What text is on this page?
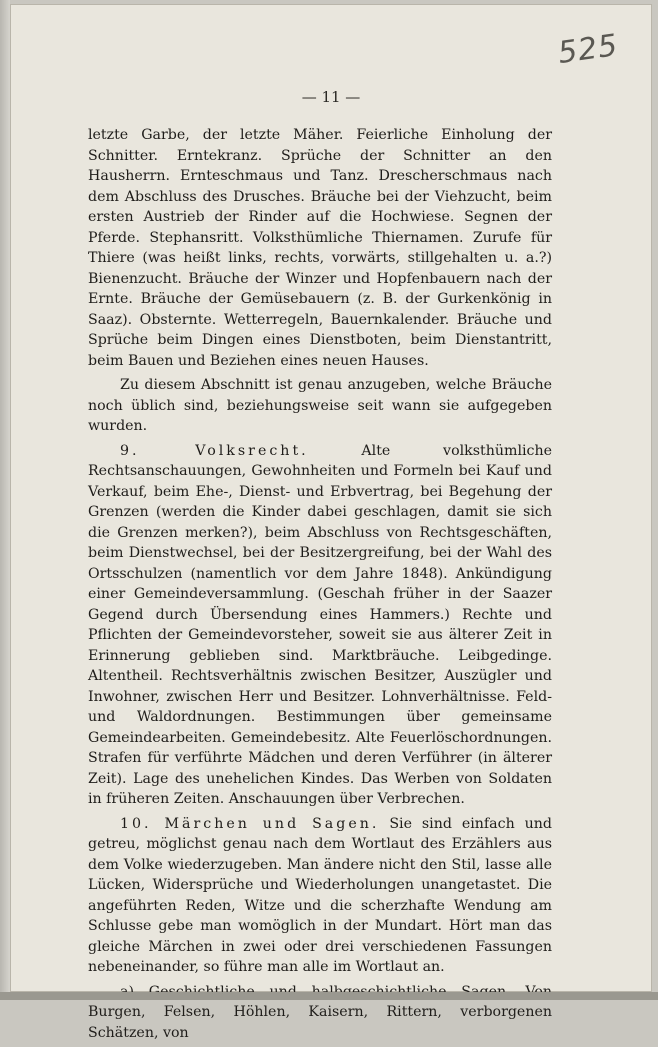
525
— 11 —

letzte Garbe, der letzte Mäher. Feierliche Einholung der Schnitter. Erntekranz. Sprüche der Schnitter an den Hausherrn. Ernteschmaus und Tanz. Drescherschmaus nach dem Abschluss des Drusches. Bräuche bei der Viehzucht, beim ersten Austrieb der Rinder auf die Hochwiese. Segnen der Pferde. Stephansritt. Volksthümliche Thiernamen. Zurufe für Thiere (was heißt links, rechts, vorwärts, stillgehalten u. a.?) Bienenzucht. Bräuche der Winzer und Hopfenbauern nach der Ernte. Bräuche der Gemüsebauern (z. B. der Gurkenkönig in Saaz). Obsternte. Wetterregeln, Bauernkalender. Bräuche und Sprüche beim Dingen eines Dienstboten, beim Dienstantritt, beim Bauen und Beziehen eines neuen Hauses.

Zu diesem Abschnitt ist genau anzugeben, welche Bräuche noch üblich sind, beziehungsweise seit wann sie aufgegeben wurden.

9. Volksrecht. Alte volksthümliche Rechtsanschauungen, Gewohnheiten und Formeln bei Kauf und Verkauf, beim Ehe-, Dienst- und Erbvertrag, bei Begehung der Grenzen (werden die Kinder dabei geschlagen, damit sie sich die Grenzen merken?), beim Abschluss von Rechtsgeschäften, beim Dienstwechsel, bei der Besitzergreifung, bei der Wahl des Ortsschulzen (namentlich vor dem Jahre 1848). Ankündigung einer Gemeindeversammlung. (Geschah früher in der Saazer Gegend durch Übersendung eines Hammers.) Rechte und Pflichten der Gemeindevorsteher, soweit sie aus älterer Zeit in Erinnerung geblieben sind. Marktbräuche. Leibgedinge. Altentheil. Rechtsverhältnis zwischen Besitzer, Auszügler und Inwohner, zwischen Herr und Besitzer. Lohnverhältnisse. Feld- und Waldordnungen. Bestimmungen über gemeinsame Gemeindearbeiten. Gemeindebesitz. Alte Feuerlöschordnungen. Strafen für verführte Mädchen und deren Verführer (in älterer Zeit). Lage des unehelichen Kindes. Das Werben von Soldaten in früheren Zeiten. Anschauungen über Verbrechen.

10. Märchen und Sagen. Sie sind einfach und getreu, möglichst genau nach dem Wortlaut des Erzählers aus dem Volke wiederzugeben. Man ändere nicht den Stil, lasse alle Lücken, Widersprüche und Wiederholungen unangetastet. Die angeführten Reden, Witze und die scherzhafte Wendung am Schlusse gebe man womöglich in der Mundart. Hört man das gleiche Märchen in zwei oder drei verschiedenen Fassungen nebeneinander, so führe man alle im Wortlaut an.

Burgen, Felsen, Höhlen, Kaisern, Rittern, verborgenen Schätzen, von
